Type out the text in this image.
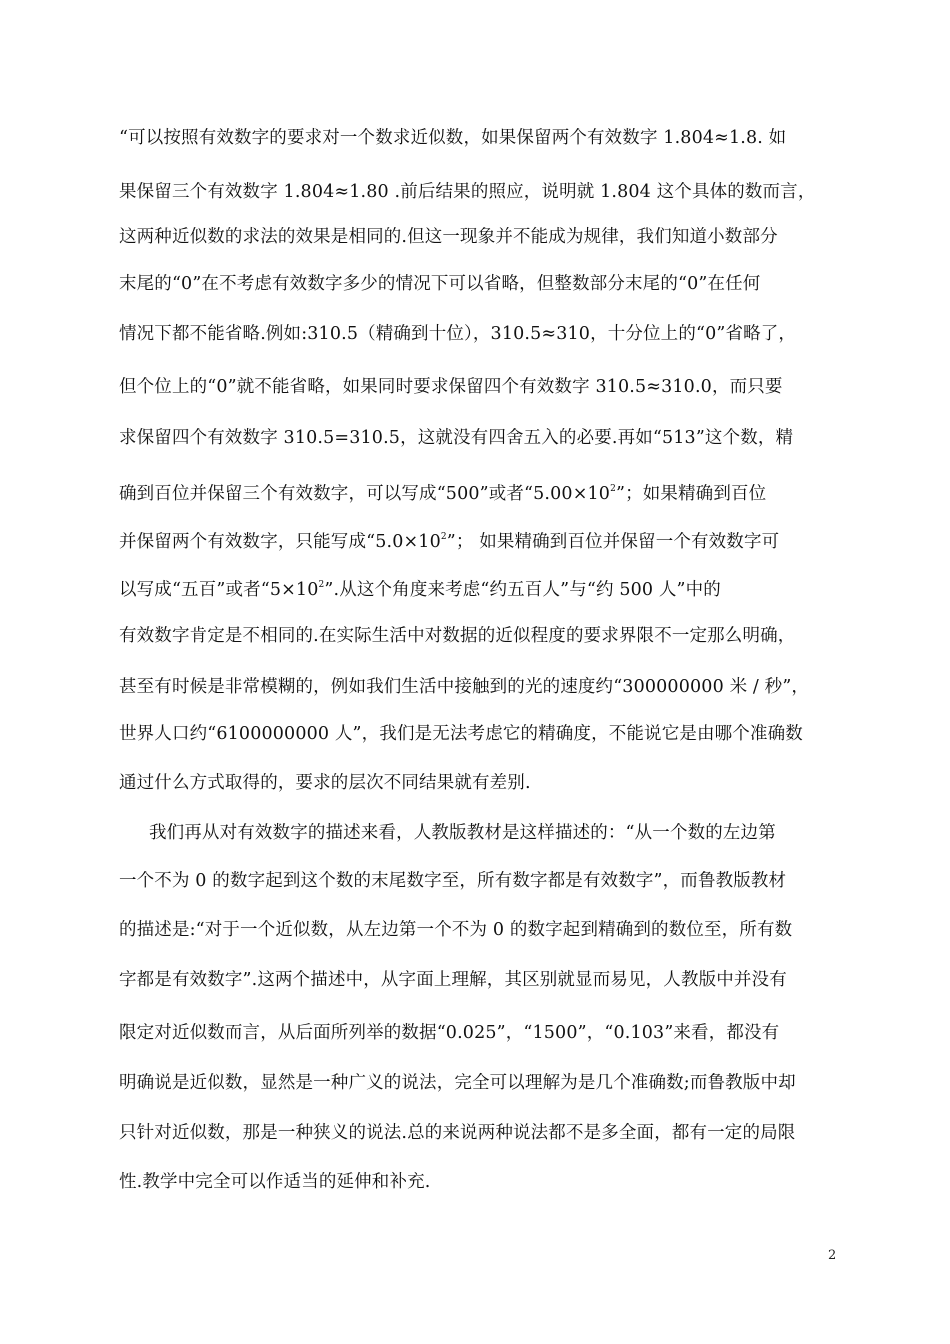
“可以按照有效数字的要求对一个数求近似数，如果保留两个有效数字 1.804≈1.8. 如
果保留三个有效数字 1.804≈1.80 .前后结果的照应，说明就 1.804 这个具体的数而言，
这两种近似数的求法的效果是相同的.但这一现象并不能成为规律，我们知道小数部分
末尾的“0”在不考虑有效数字多少的情况下可以省略，但整数部分末尾的“0”在任何
情况下都不能省略.例如:310.5（精确到十位），310.5≈310，十分位上的“0”省略了，
但个位上的“0”就不能省略，如果同时要求保留四个有效数字 310.5≈310.0，而只要
求保留四个有效数字 310.5=310.5，这就没有四舍五入的必要.再如“513”这个数，精
确到百位并保留三个有效数字，可以写成“500”或者“$5.00\times 10^2$”；如果精确到百位
并保留两个有效数字，只能写成“$5.0\times 10^2$”； 如果精确到百位并保留一个有效数字可
以写成“五百”或者“$5\times 10^2$”.从这个角度来考虑“约五百人”与“约 500 人”中的
有效数字肯定是不相同的.在实际生活中对数据的近似程度的要求界限不一定那么明确，
甚至有时候是非常模糊的，例如我们生活中接触到的光的速度约“300000000 米 / 秒”，
世界人口约“6100000000 人”，我们是无法考虑它的精确度，不能说它是由哪个准确数
通过什么方式取得的，要求的层次不同结果就有差别.
我们再从对有效数字的描述来看，人教版教材是这样描述的：“从一个数的左边第
一个不为 0 的数字起到这个数的末尾数字至，所有数字都是有效数字”，而鲁教版教材
的描述是:“对于一个近似数，从左边第一个不为 0 的数字起到精确到的数位至，所有数
字都是有效数字”.这两个描述中，从字面上理解，其区别就显而易见，人教版中并没有
限定对近似数而言，从后面所列举的数据“0.025”，“1500”，“0.103”来看，都没有
明确说是近似数，显然是一种广义的说法，完全可以理解为是几个准确数;而鲁教版中却
只针对近似数，那是一种狭义的说法.总的来说两种说法都不是多全面，都有一定的局限
性.教学中完全可以作适当的延伸和补充.
2
